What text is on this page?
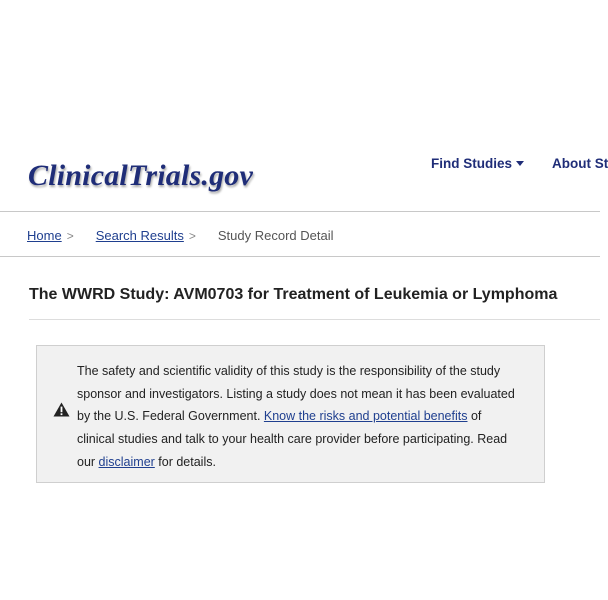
ClinicalTrials.gov	Find Studies	About St
Home > Search Results > Study Record Detail
The WWRD Study: AVM0703 for Treatment of Leukemia or Lymphoma
The safety and scientific validity of this study is the responsibility of the study sponsor and investigators. Listing a study does not mean it has been evaluated by the U.S. Federal Government. Know the risks and potential benefits of clinical studies and talk to your health care provider before participating. Read our disclaimer for details.
